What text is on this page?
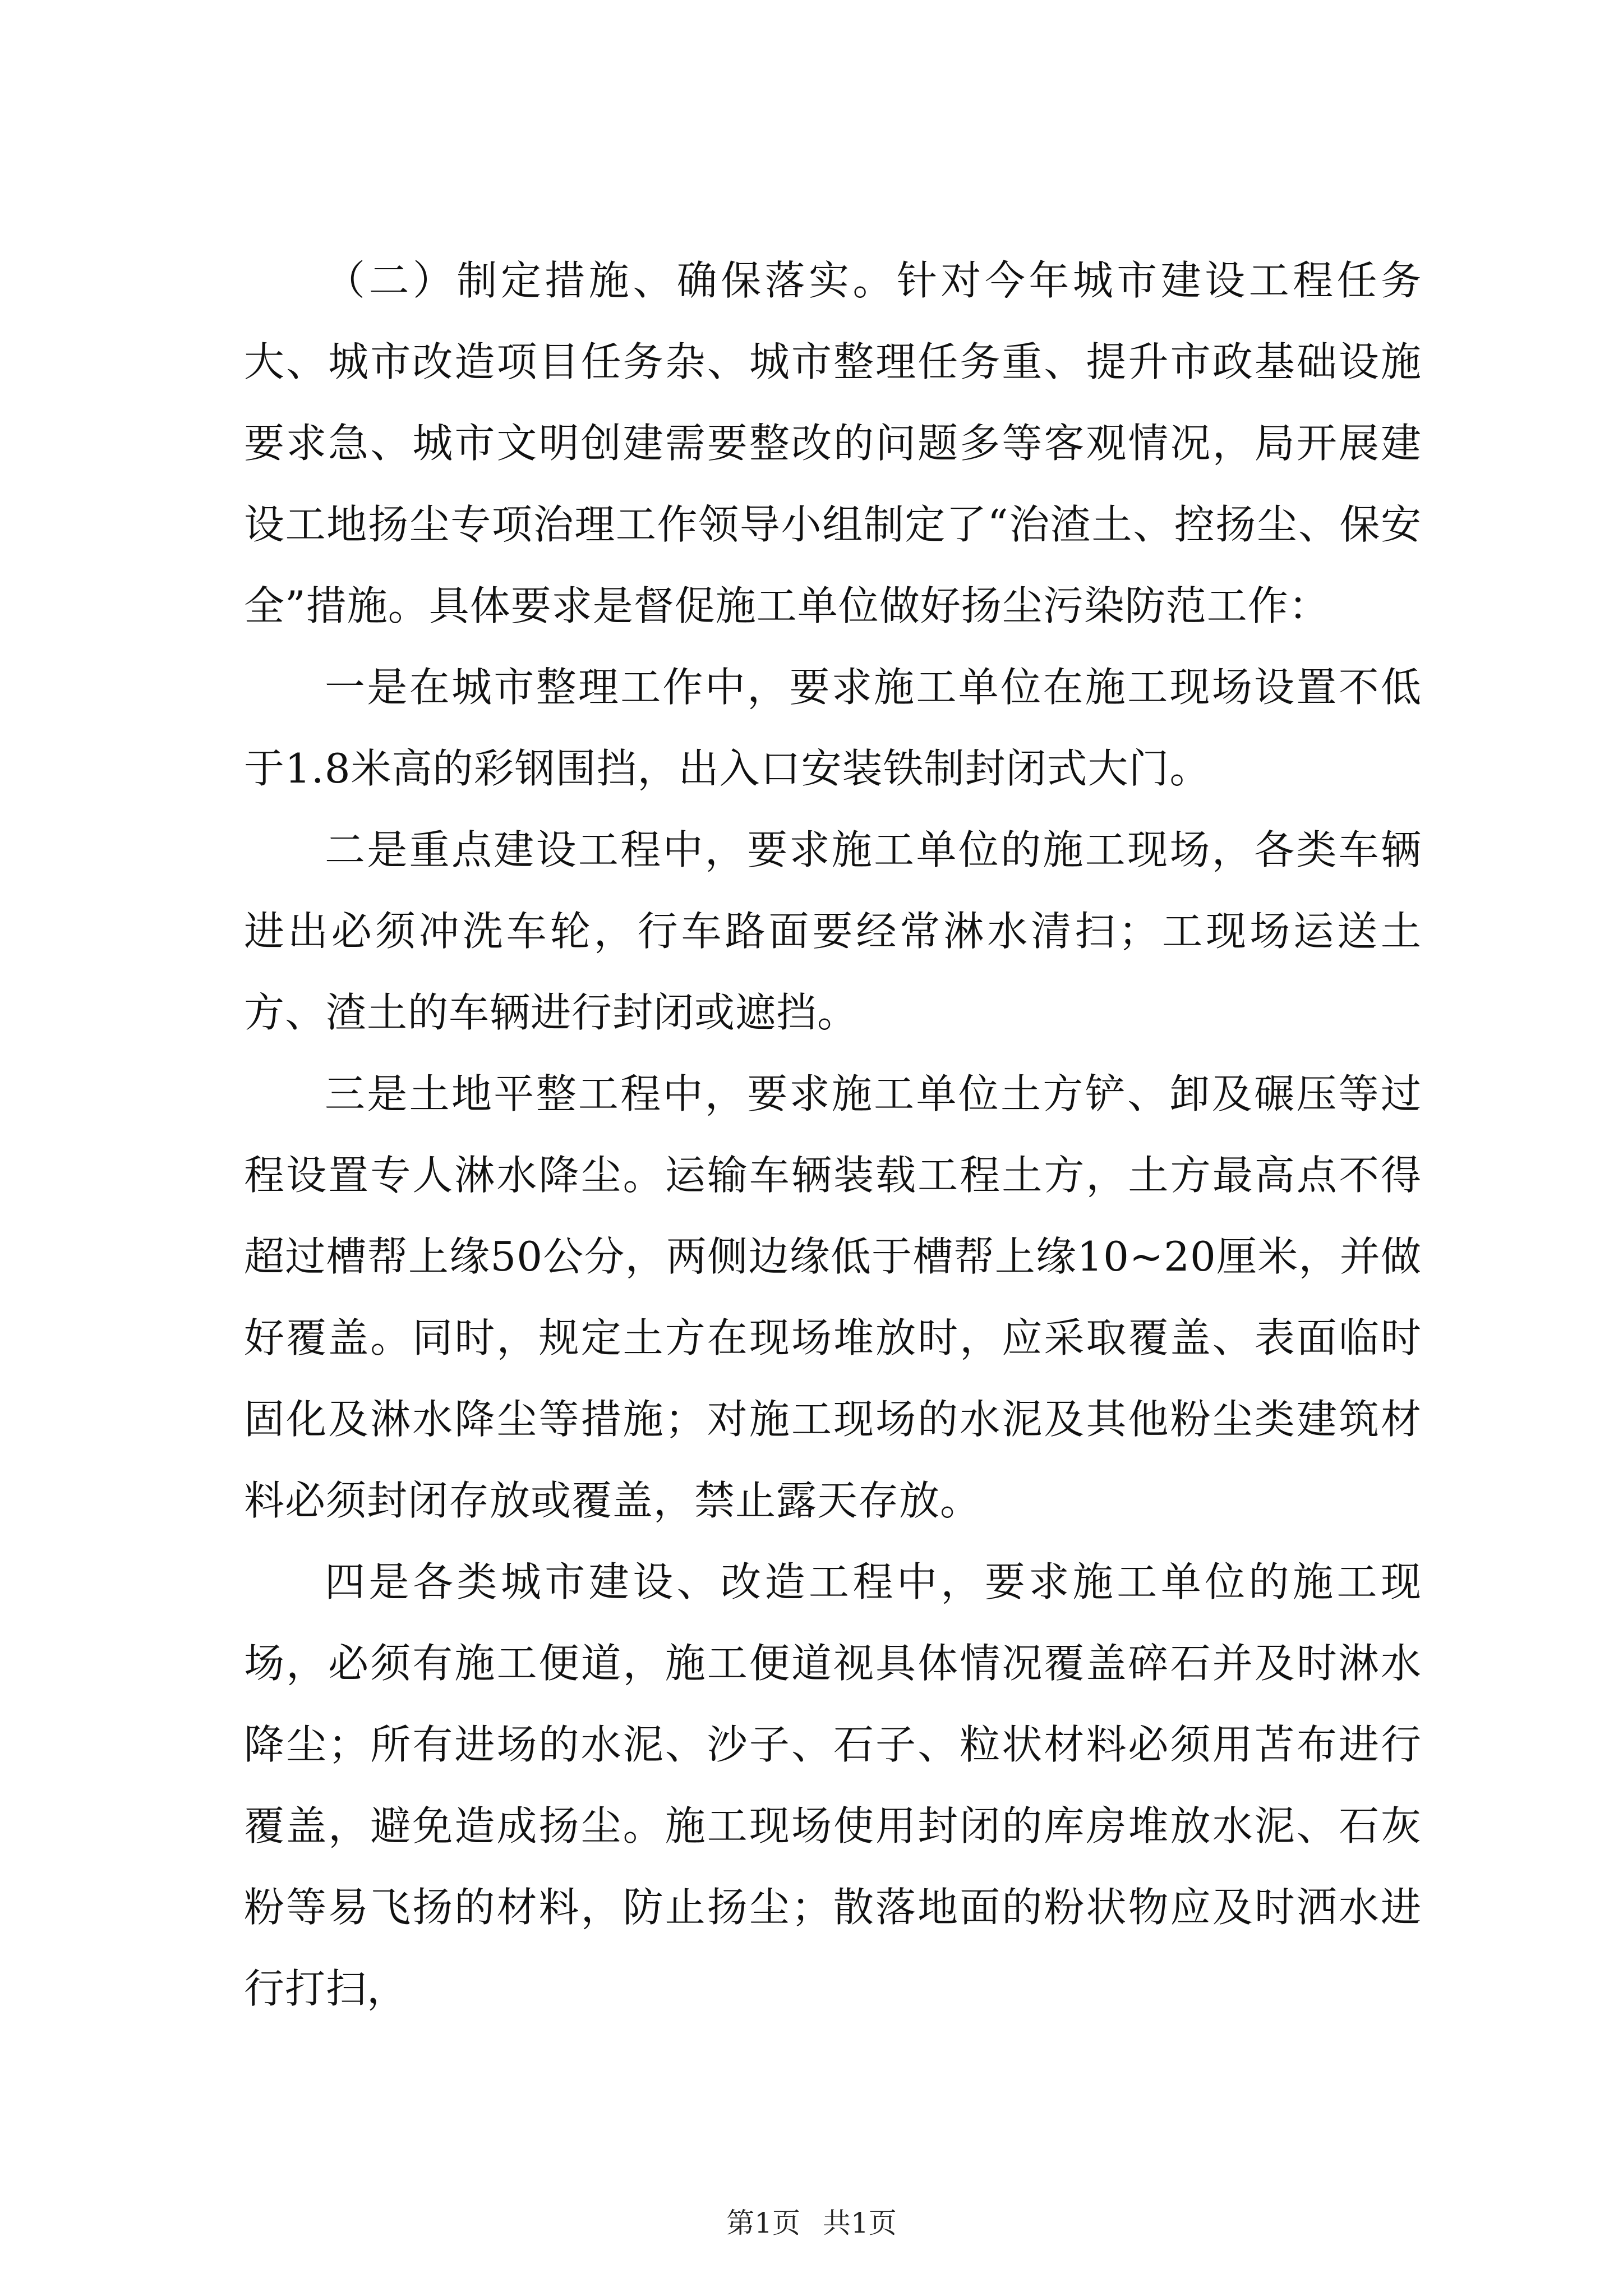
（二）制定措施、确保落实。针对今年城市建设工程任务大、城市改造项目任务杂、城市整理任务重、提升市政基础设施要求急、城市文明创建需要整改的问题多等客观情况，局开展建设工地扬尘专项治理工作领导小组制定了“治渣土、控扬尘、保安全”措施。具体要求是督促施工单位做好扬尘污染防范工作：

一是在城市整理工作中，要求施工单位在施工现场设置不低于1.8米高的彩钢围挡，出入口安装铁制封闭式大门。

二是重点建设工程中，要求施工单位的施工现场，各类车辆进出必须冲洗车轮，行车路面要经常淋水清扫；工现场运送土方、渣土的车辆进行封闭或遮挡。

三是土地平整工程中，要求施工单位土方铲、卸及碾压等过程设置专人淋水降尘。运输车辆装载工程土方，土方最高点不得超过槽帮上缘50公分，两侧边缘低于槽帮上缘10~20厘米，并做好覆盖。同时，规定土方在现场堆放时，应采取覆盖、表面临时固化及淋水降尘等措施；对施工现场的水泥及其他粉尘类建筑材料必须封闭存放或覆盖，禁止露天存放。

四是各类城市建设、改造工程中，要求施工单位的施工现场，必须有施工便道，施工便道视具体情况覆盖碎石并及时淋水降尘；所有进场的水泥、沙子、石子、粒状材料必须用苫布进行覆盖，避免造成扬尘。施工现场使用封闭的库房堆放水泥、石灰粉等易飞扬的材料，防止扬尘；散落地面的粉状物应及时洒水进行打扫，

第1页 共1页
